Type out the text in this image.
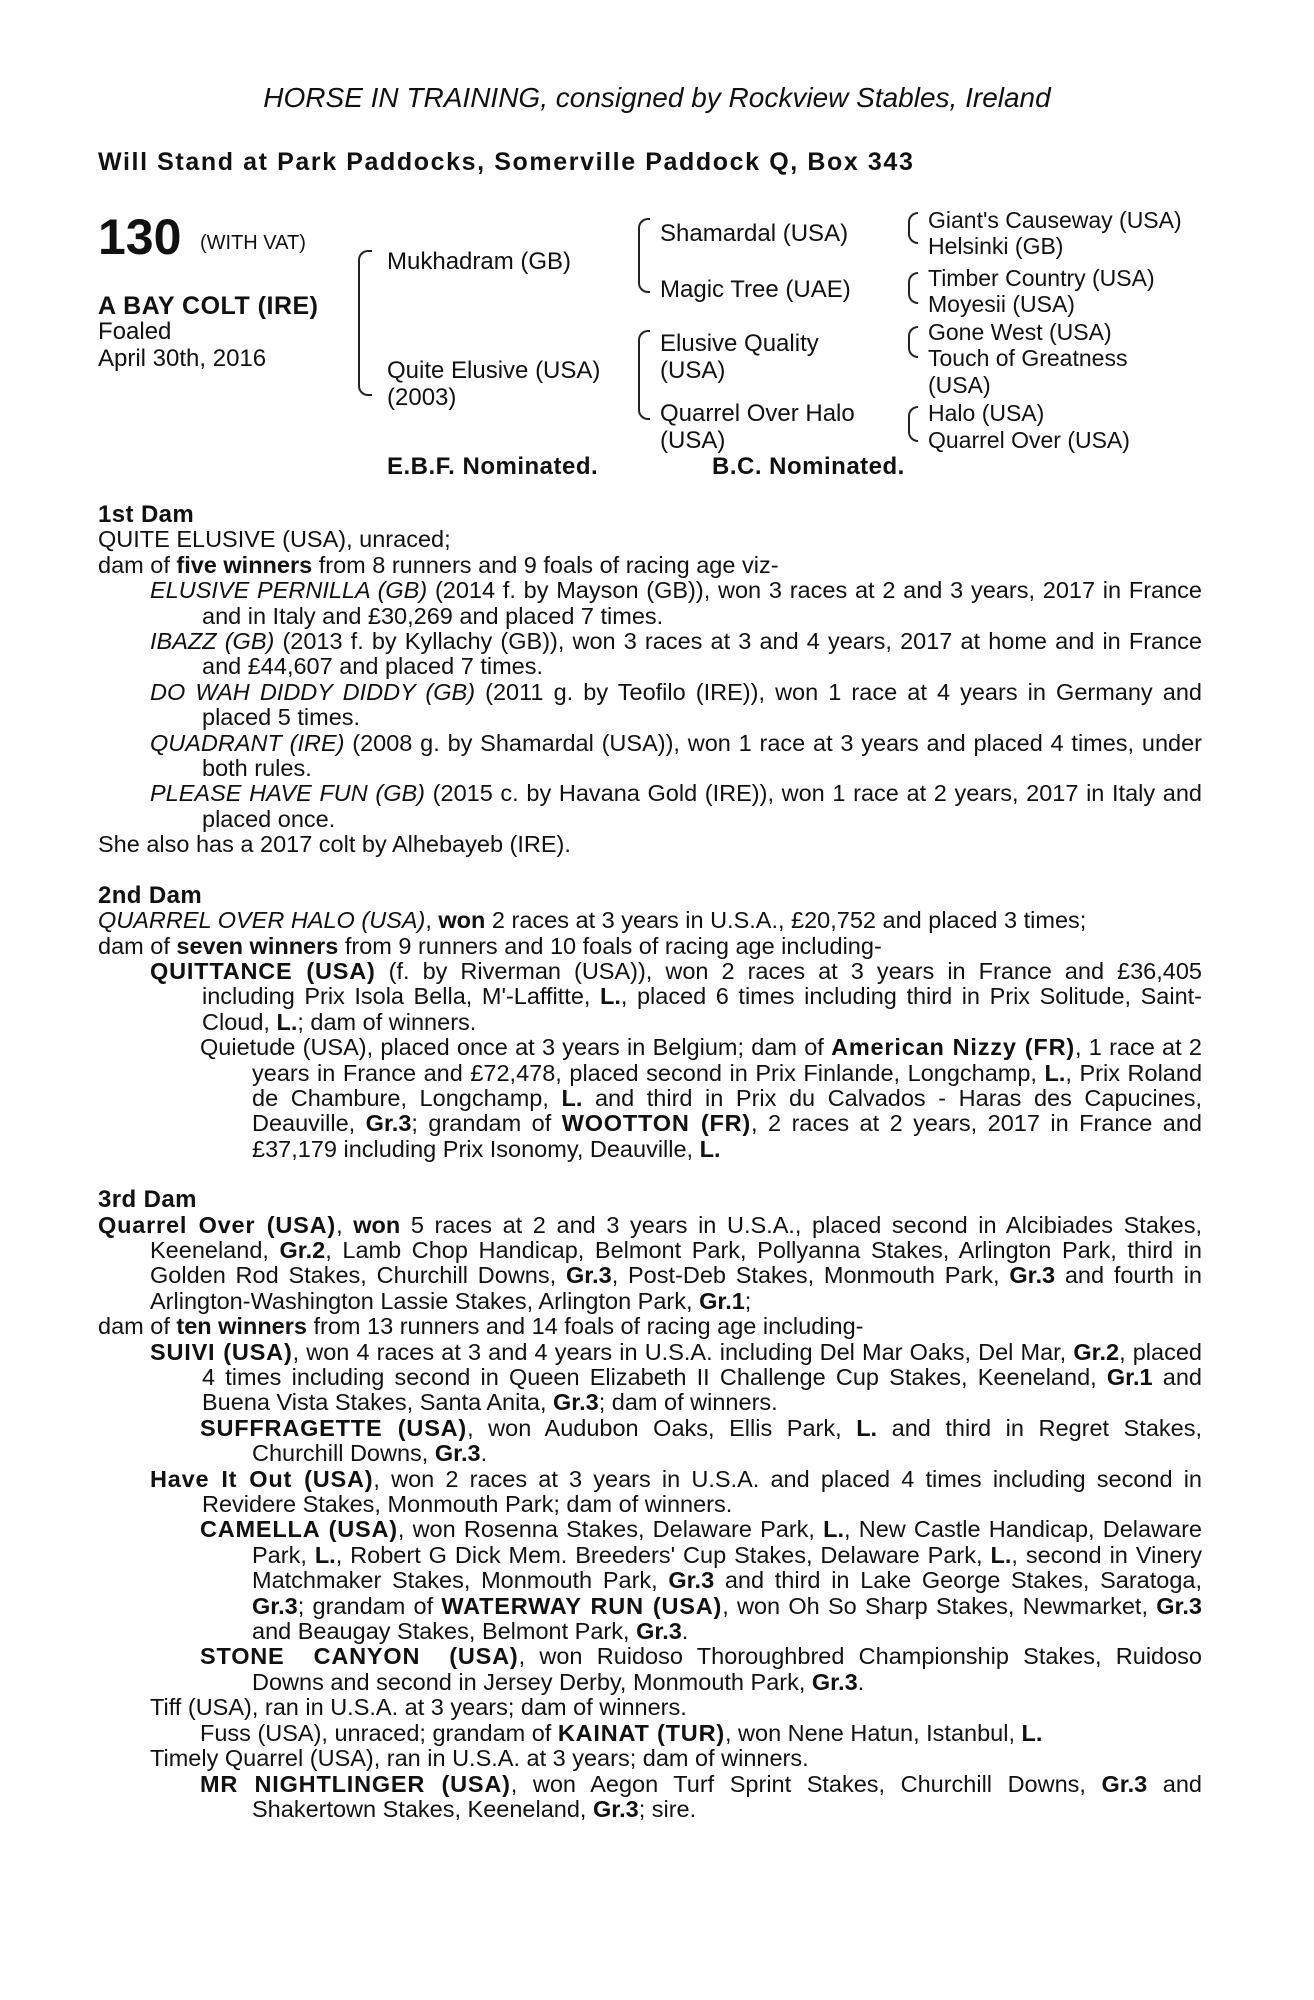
HORSE IN TRAINING, consigned by Rockview Stables, Ireland
Will Stand at Park Paddocks, Somerville Paddock Q, Box 343
130 (WITH VAT)
A BAY COLT (IRE)
Foaled
April 30th, 2016
Mukhadram (GB)
Quite Elusive (USA)
(2003)
Shamardal (USA)
Magic Tree (UAE)
Elusive Quality
(USA)
Quarrel Over Halo
(USA)
Giant's Causeway (USA)
Helsinki (GB)
Timber Country (USA)
Moyesii (USA)
Gone West (USA)
Touch of Greatness
(USA)
Halo (USA)
Quarrel Over (USA)
E.B.F. Nominated.	B.C. Nominated.
1st Dam
QUITE ELUSIVE (USA), unraced;
dam of five winners from 8 runners and 9 foals of racing age viz-
ELUSIVE PERNILLA (GB) (2014 f. by Mayson (GB)), won 3 races at 2 and 3 years, 2017 in France and in Italy and £30,269 and placed 7 times.
IBAZZ (GB) (2013 f. by Kyllachy (GB)), won 3 races at 3 and 4 years, 2017 at home and in France and £44,607 and placed 7 times.
DO WAH DIDDY DIDDY (GB) (2011 g. by Teofilo (IRE)), won 1 race at 4 years in Germany and placed 5 times.
QUADRANT (IRE) (2008 g. by Shamardal (USA)), won 1 race at 3 years and placed 4 times, under both rules.
PLEASE HAVE FUN (GB) (2015 c. by Havana Gold (IRE)), won 1 race at 2 years, 2017 in Italy and placed once.
She also has a 2017 colt by Alhebayeb (IRE).
2nd Dam
QUARREL OVER HALO (USA), won 2 races at 3 years in U.S.A., £20,752 and placed 3 times;
dam of seven winners from 9 runners and 10 foals of racing age including-
QUITTANCE (USA) (f. by Riverman (USA)), won 2 races at 3 years in France and £36,405 including Prix Isola Bella, M'-Laffitte, L., placed 6 times including third in Prix Solitude, Saint-Cloud, L.; dam of winners.
Quietude (USA), placed once at 3 years in Belgium; dam of American Nizzy (FR), 1 race at 2 years in France and £72,478, placed second in Prix Finlande, Longchamp, L., Prix Roland de Chambure, Longchamp, L. and third in Prix du Calvados - Haras des Capucines, Deauville, Gr.3; grandam of WOOTTON (FR), 2 races at 2 years, 2017 in France and £37,179 including Prix Isonomy, Deauville, L.
3rd Dam
Quarrel Over (USA), won 5 races at 2 and 3 years in U.S.A., placed second in Alcibiades Stakes, Keeneland, Gr.2, Lamb Chop Handicap, Belmont Park, Pollyanna Stakes, Arlington Park, third in Golden Rod Stakes, Churchill Downs, Gr.3, Post-Deb Stakes, Monmouth Park, Gr.3 and fourth in Arlington-Washington Lassie Stakes, Arlington Park, Gr.1;
dam of ten winners from 13 runners and 14 foals of racing age including-
SUIVI (USA), won 4 races at 3 and 4 years in U.S.A. including Del Mar Oaks, Del Mar, Gr.2, placed 4 times including second in Queen Elizabeth II Challenge Cup Stakes, Keeneland, Gr.1 and Buena Vista Stakes, Santa Anita, Gr.3; dam of winners.
SUFFRAGETTE (USA), won Audubon Oaks, Ellis Park, L. and third in Regret Stakes, Churchill Downs, Gr.3.
Have It Out (USA), won 2 races at 3 years in U.S.A. and placed 4 times including second in Revidere Stakes, Monmouth Park; dam of winners.
CAMELLA (USA), won Rosenna Stakes, Delaware Park, L., New Castle Handicap, Delaware Park, L., Robert G Dick Mem. Breeders' Cup Stakes, Delaware Park, L., second in Vinery Matchmaker Stakes, Monmouth Park, Gr.3 and third in Lake George Stakes, Saratoga, Gr.3; grandam of WATERWAY RUN (USA), won Oh So Sharp Stakes, Newmarket, Gr.3 and Beaugay Stakes, Belmont Park, Gr.3.
STONE CANYON (USA), won Ruidoso Thoroughbred Championship Stakes, Ruidoso Downs and second in Jersey Derby, Monmouth Park, Gr.3.
Tiff (USA), ran in U.S.A. at 3 years; dam of winners.
Fuss (USA), unraced; grandam of KAINAT (TUR), won Nene Hatun, Istanbul, L.
Timely Quarrel (USA), ran in U.S.A. at 3 years; dam of winners.
MR NIGHTLINGER (USA), won Aegon Turf Sprint Stakes, Churchill Downs, Gr.3 and Shakertown Stakes, Keeneland, Gr.3; sire.
